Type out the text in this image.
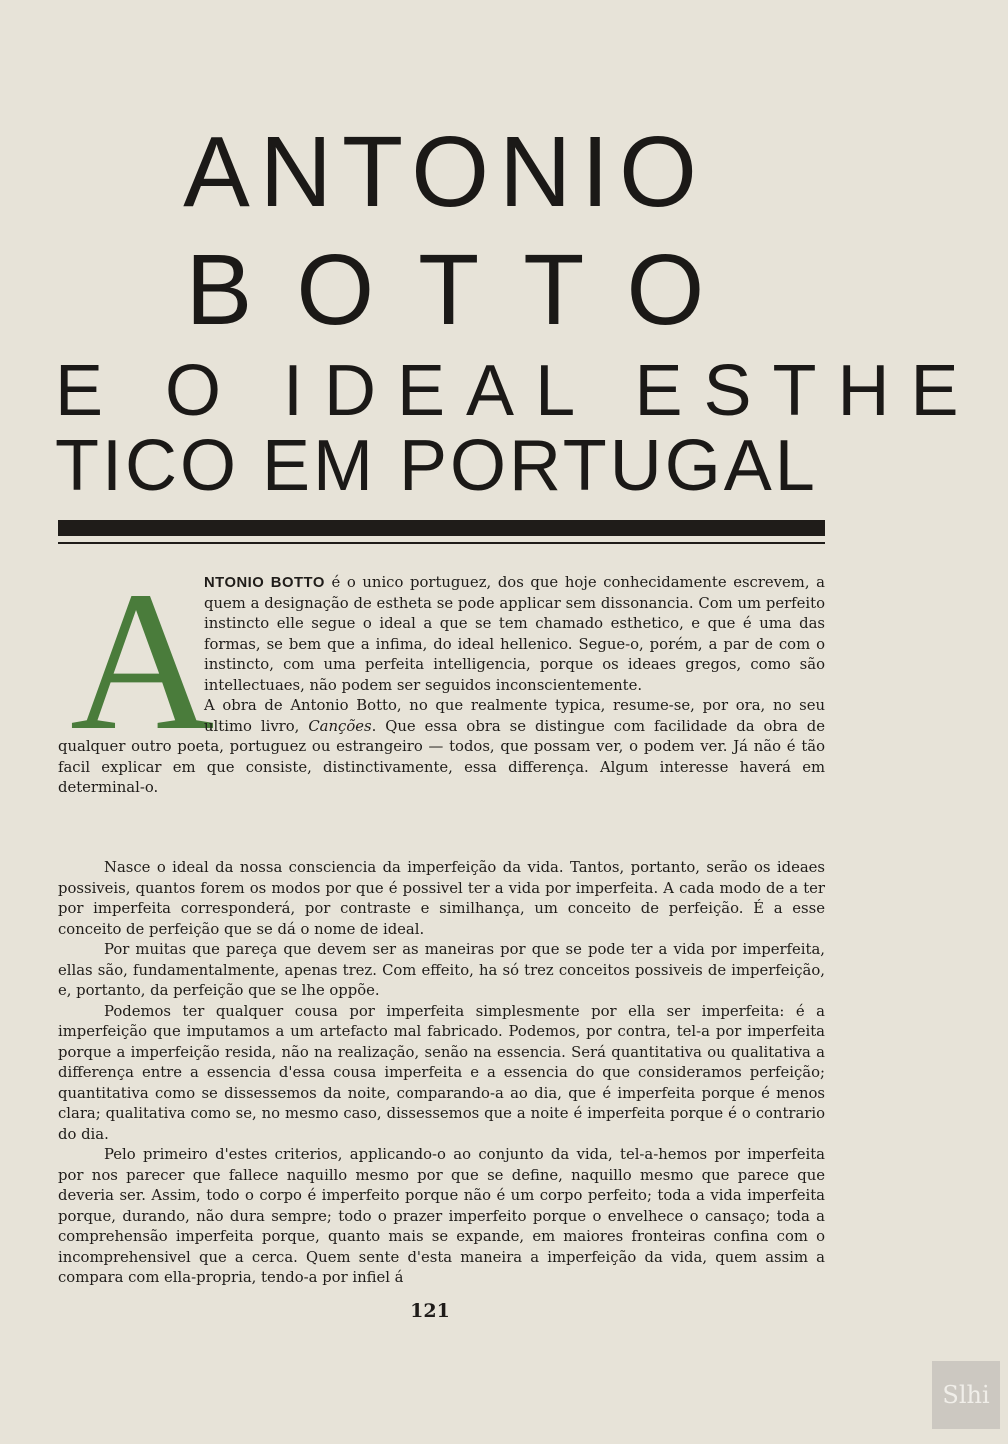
ANTONIO
BOTTO
E O IDEAL ESTHE
TICO EM PORTUGAL
A
NTONIO BOTTO é o unico portuguez, dos que hoje conhecidamente escrevem, a quem a designação de estheta se pode applicar sem dissonancia. Com um perfeito instincto elle segue o ideal a que se tem chamado esthetico, e que é uma das formas, se bem que a infima, do ideal hellenico. Segue-o, porém, a par de com o instincto, com uma perfeita intelligencia, porque os ideaes gregos, como são intellectuaes, não podem ser seguidos inconscientemente.
A obra de Antonio Botto, no que realmente typica, resume-se, por ora, no seu ultimo livro, Canções. Que essa obra se distingue com facilidade da obra de qualquer outro poeta, portuguez ou estrangeiro — todos, que possam ver, o podem ver. Já não é tão facil explicar em que consiste, distinctivamente, essa differença. Algum interesse haverá em determinal-o.

Nasce o ideal da nossa consciencia da imperfeição da vida. Tantos, portanto, serão os ideaes possiveis, quantos forem os modos por que é possivel ter a vida por imperfeita. A cada modo de a ter por imperfeita corresponderá, por contraste e similhança, um conceito de perfeição. É a esse conceito de perfeição que se dá o nome de ideal.

Por muitas que pareça que devem ser as maneiras por que se pode ter a vida por imperfeita, ellas são, fundamentalmente, apenas trez. Com effeito, ha só trez conceitos possiveis de imperfeição, e, portanto, da perfeição que se lhe oppõe.

Podemos ter qualquer cousa por imperfeita simplesmente por ella ser imperfeita: é a imperfeição que imputamos a um artefacto mal fabricado. Podemos, por contra, tel-a por imperfeita porque a imperfeição resida, não na realização, senão na essencia. Será quantitativa ou qualitativa a differença entre a essencia d'essa cousa imperfeita e a essencia do que consideramos perfeição; quantitativa como se dissessemos da noite, comparando-a ao dia, que é imperfeita porque é menos clara; qualitativa como se, no mesmo caso, dissessemos que a noite é imperfeita porque é o contrario do dia.

Pelo primeiro d'estes criterios, applicando-o ao conjunto da vida, tel-a-hemos por imperfeita por nos parecer que fallece naquillo mesmo por que se define, naquillo mesmo que parece que deveria ser. Assim, todo o corpo é imperfeito porque não é um corpo perfeito; toda a vida imperfeita porque, durando, não dura sempre; todo o prazer imperfeito porque o envelhece o cansaço; toda a comprehensão imperfeita porque, quanto mais se expande, em maiores fronteiras confina com o incomprehensivel que a cerca. Quem sente d'esta maneira a imperfeição da vida, quem assim a compara com ella-propria, tendo-a por infiel á

121
Slhi
